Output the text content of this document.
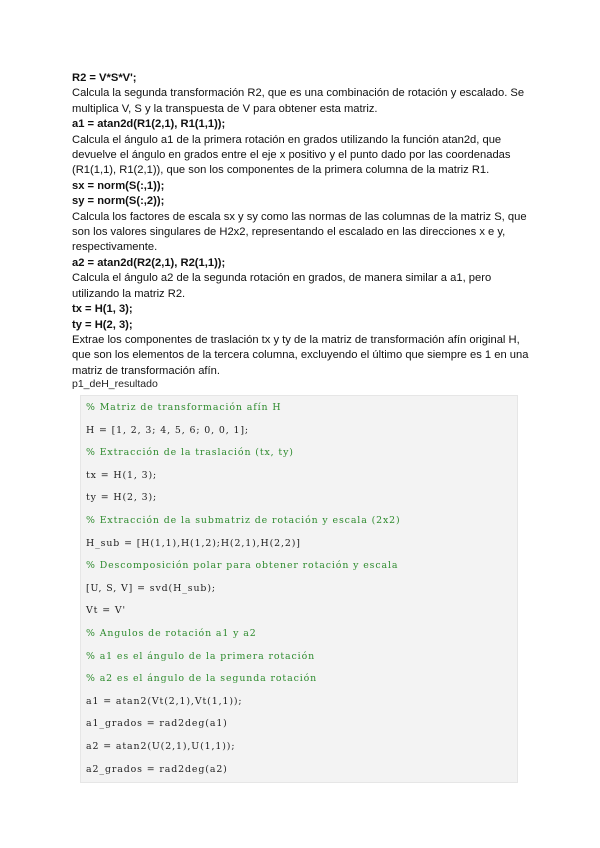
R2 = V*S*V';

Calcula la segunda transformación R2, que es una combinación de rotación y escalado. Se multiplica V, S y la transpuesta de V para obtener esta matriz.

a1 = atan2d(R1(2,1), R1(1,1));

Calcula el ángulo a1 de la primera rotación en grados utilizando la función atan2d, que devuelve el ángulo en grados entre el eje x positivo y el punto dado por las coordenadas (R1(1,1), R1(2,1)), que son los componentes de la primera columna de la matriz R1.

sx = norm(S(:,1));

sy = norm(S(:,2));

Calcula los factores de escala sx y sy como las normas de las columnas de la matriz S, que son los valores singulares de H2x2, representando el escalado en las direcciones x e y, respectivamente.

a2 = atan2d(R2(2,1), R2(1,1));

Calcula el ángulo a2 de la segunda rotación en grados, de manera similar a a1, pero utilizando la matriz R2.

tx = H(1, 3);

ty = H(2, 3);

Extrae los componentes de traslación tx y ty de la matriz de transformación afín original H, que son los elementos de la tercera columna, excluyendo el último que siempre es 1 en una matriz de transformación afín.

p1_deH_resultado
% Matriz de transformación afín H
H = [1, 2, 3; 4, 5, 6; 0, 0, 1];
% Extracción de la traslación (tx, ty)
tx = H(1, 3);
ty = H(2, 3);
% Extracción de la submatriz de rotación y escala (2x2)
H_sub = [H(1,1),H(1,2);H(2,1),H(2,2)]
% Descomposición polar para obtener rotación y escala
[U, S, V] = svd(H_sub);
Vt = V'
% Angulos de rotación a1 y a2
% a1 es el ángulo de la primera rotación
% a2 es el ángulo de la segunda rotación
a1 = atan2(Vt(2,1),Vt(1,1));
a1_grados = rad2deg(a1)
a2 = atan2(U(2,1),U(1,1));
a2_grados = rad2deg(a2)
